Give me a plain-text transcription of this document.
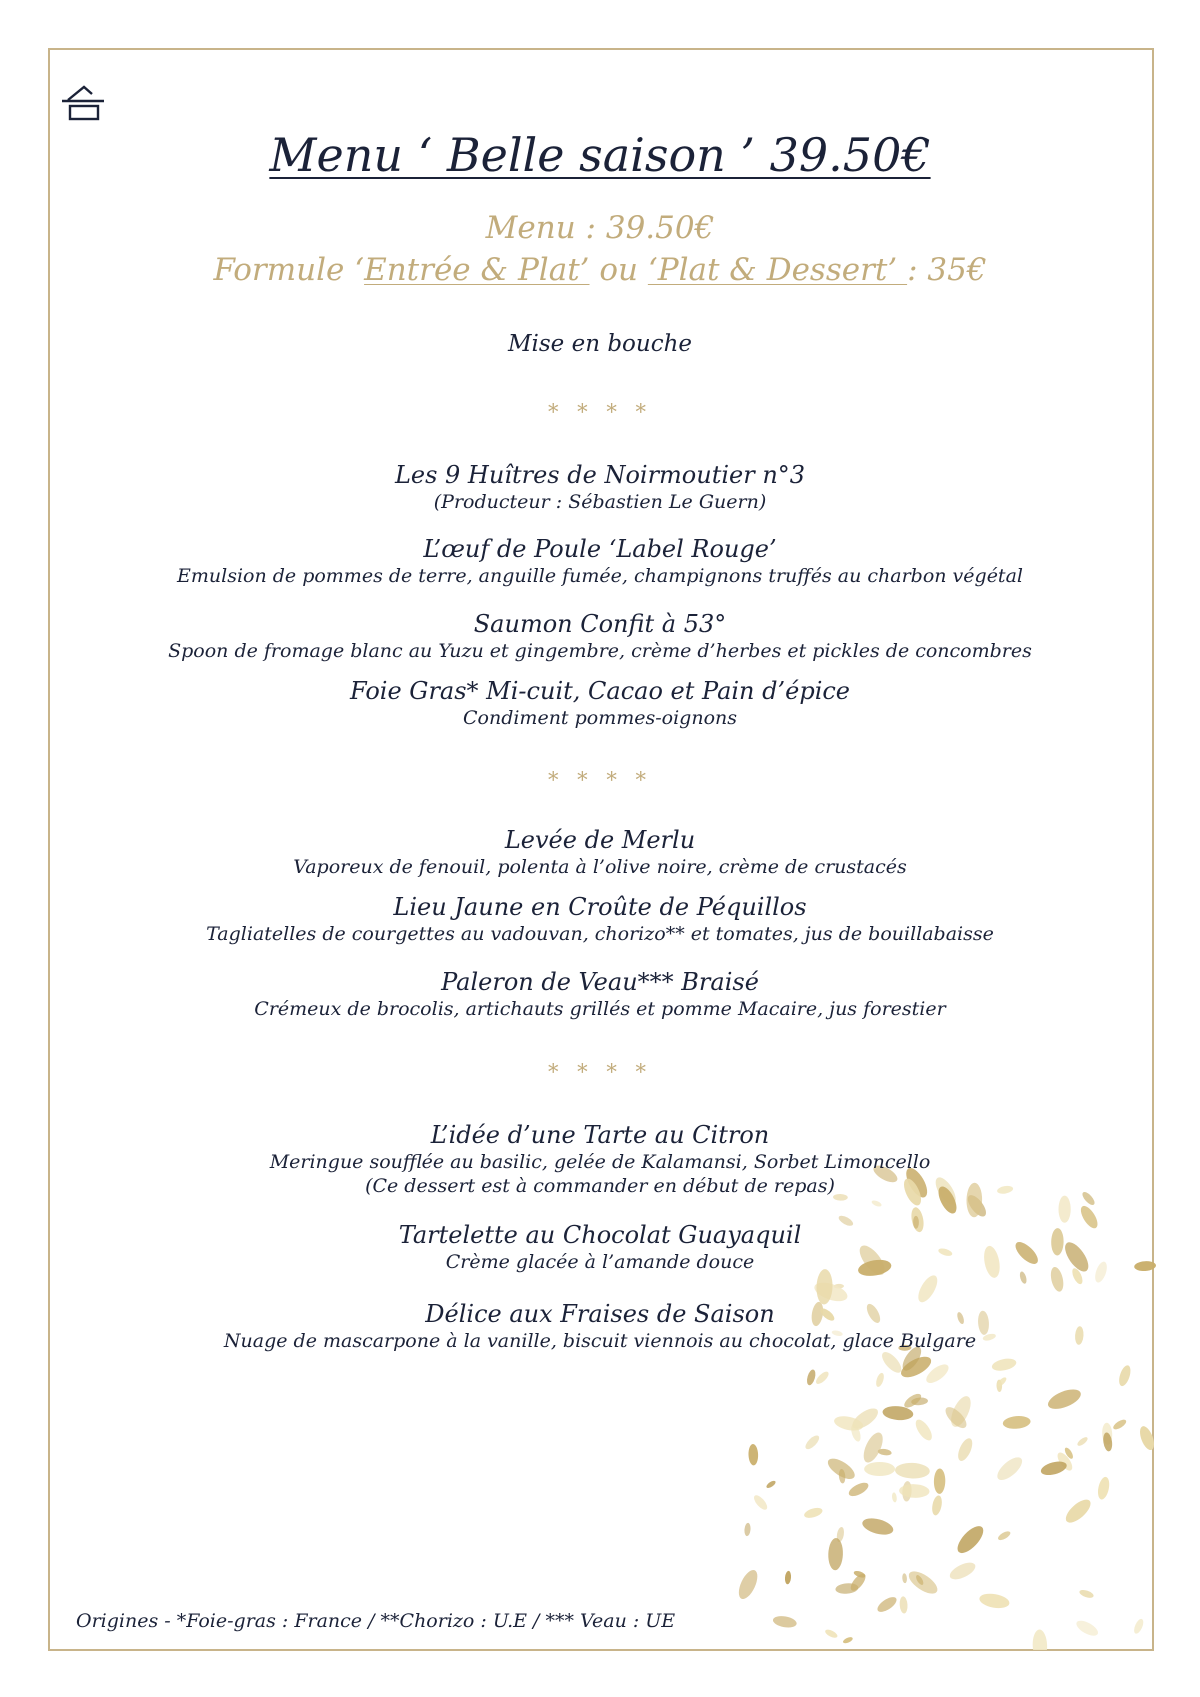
Menu ‘ Belle saison ’ 39.50€
Menu : 39.50€
Formule ‘Entrée & Plat’ ou ‘Plat & Dessert’ : 35€
Mise en bouche
* * * *
Les 9 Huîtres de Noirmoutier n°3
(Producteur : Sébastien Le Guern)
L’œuf de Poule ‘Label Rouge’
Emulsion de pommes de terre, anguille fumée, champignons truffés au charbon végétal
Saumon Confit à 53°
Spoon de fromage blanc au Yuzu et gingembre, crème d’herbes et pickles de concombres
Foie Gras* Mi-cuit, Cacao et Pain d’épice
Condiment pommes-oignons
* * * *
Levée de Merlu
Vaporeux de fenouil, polenta à l’olive noire, crème de crustacés
Lieu Jaune en Croûte de Péquillos
Tagliatelles de courgettes au vadouvan, chorizo** et tomates, jus de bouillabaisse
Paleron de Veau*** Braisé
Crémeux de brocolis, artichauts grillés et pomme Macaire, jus forestier
* * * *
L’idée d’une Tarte au Citron
Meringue soufflée au basilic, gelée de Kalamansi, Sorbet Limoncello
(Ce dessert est à commander en début de repas)
Tartelette au Chocolat Guayaquil
Crème glacée à l’amande douce
Délice aux Fraises de Saison
Nuage de mascarpone à la vanille, biscuit viennois au chocolat, glace Bulgare
Origines - *Foie-gras : France / **Chorizo : U.E / *** Veau : UE
